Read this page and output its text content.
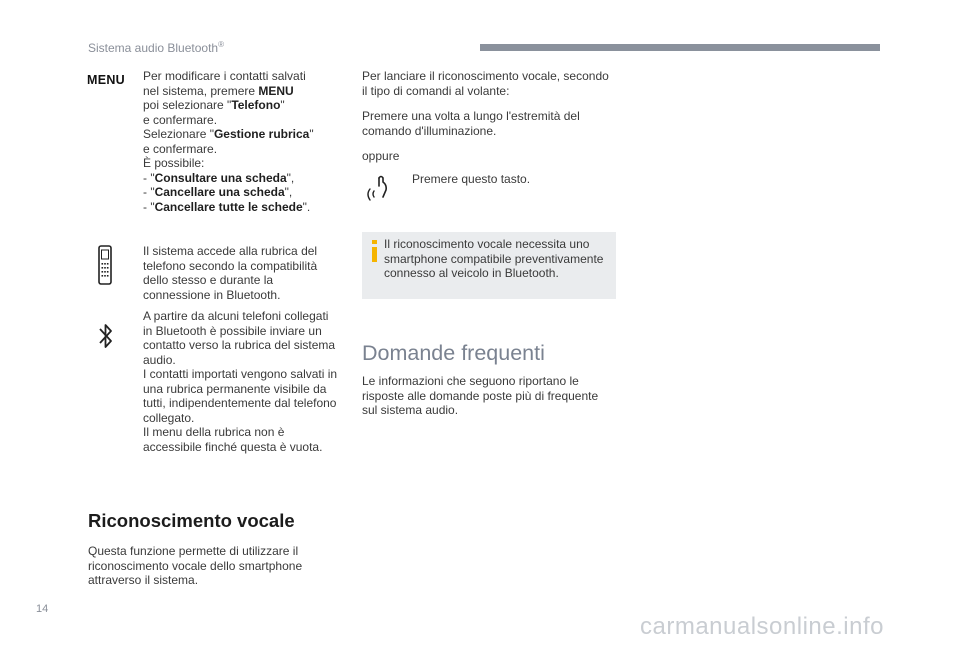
Sistema audio Bluetooth®
MENU Per modificare i contatti salvati

nel sistema, premere MENU

poi selezionare "Telefono"

e confermare.

Selezionare "Gestione rubrica"

e confermare.

È possibile:

- "Consultare una scheda",

- "Cancellare una scheda",

- "Cancellare tutte le schede".

Il sistema accede alla rubrica del

telefono secondo la compatibilità

dello stesso e durante la

connessione in Bluetooth.

A partire da alcuni telefoni collegati

in Bluetooth è possibile inviare un

contatto verso la rubrica del sistema

audio.

I contatti importati vengono salvati in

una rubrica permanente visibile da

tutti, indipendentemente dal telefono

collegato.

Il menu della rubrica non è

accessibile finché questa è vuota.

Riconoscimento vocale

Questa funzione permette di utilizzare il

riconoscimento vocale dello smartphone

attraverso il sistema.

Per lanciare il riconoscimento vocale, secondo

il tipo di comandi al volante:

Premere una volta a lungo l'estremità del

comando d'illuminazione.

oppure
Premere questo tasto.

Il riconoscimento vocale necessita uno

smartphone compatibile preventivamente

connesso al veicolo in Bluetooth.

Domande frequenti

Le informazioni che seguono riportano le

risposte alle domande poste più di frequente

sul sistema audio.

14
carmanualsonline.info
